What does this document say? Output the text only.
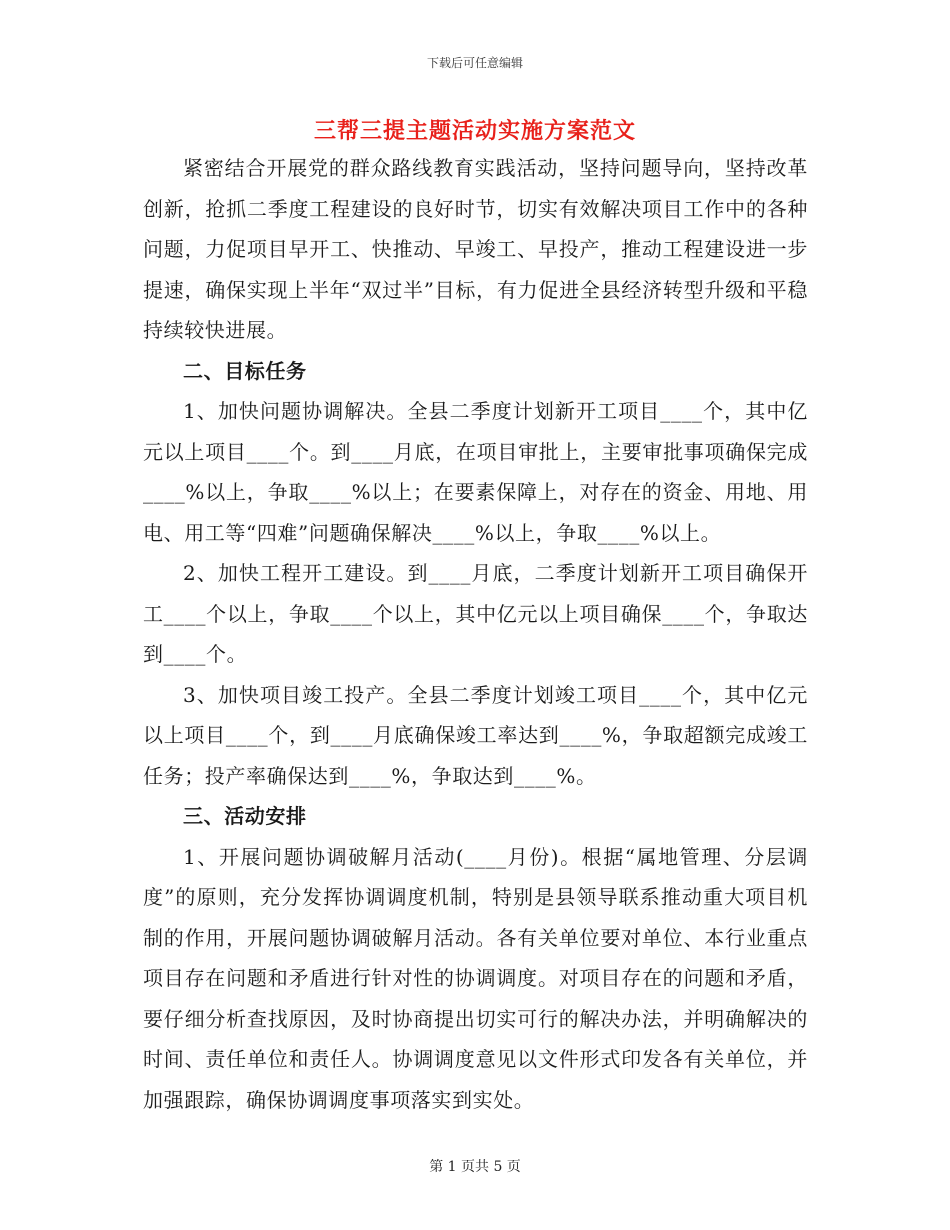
下载后可任意编辑
三帮三提主题活动实施方案范文

紧密结合开展党的群众路线教育实践活动，坚持问题导向，坚持改革创新，抢抓二季度工程建设的良好时节，切实有效解决项目工作中的各种问题，力促项目早开工、快推动、早竣工、早投产，推动工程建设进一步提速，确保实现上半年“双过半”目标，有力促进全县经济转型升级和平稳持续较快进展。

二、目标任务

1、加快问题协调解决。全县二季度计划新开工项目____个，其中亿元以上项目____个。到____月底，在项目审批上，主要审批事项确保完成____%以上，争取____%以上；在要素保障上，对存在的资金、用地、用电、用工等“四难”问题确保解决____%以上，争取____%以上。

2、加快工程开工建设。到____月底，二季度计划新开工项目确保开工____个以上，争取____个以上，其中亿元以上项目确保____个，争取达到____个。

3、加快项目竣工投产。全县二季度计划竣工项目____个，其中亿元以上项目____个，到____月底确保竣工率达到____%，争取超额完成竣工任务；投产率确保达到____%，争取达到____%。

三、活动安排

1、开展问题协调破解月活动(____月份)。根据“属地管理、分层调度”的原则，充分发挥协调调度机制，特别是县领导联系推动重大项目机制的作用，开展问题协调破解月活动。各有关单位要对单位、本行业重点项目存在问题和矛盾进行针对性的协调调度。对项目存在的问题和矛盾，要仔细分析查找原因，及时协商提出切实可行的解决办法，并明确解决的时间、责任单位和责任人。协调调度意见以文件形式印发各有关单位，并加强跟踪，确保协调调度事项落实到实处。

第 1 页共 5 页
